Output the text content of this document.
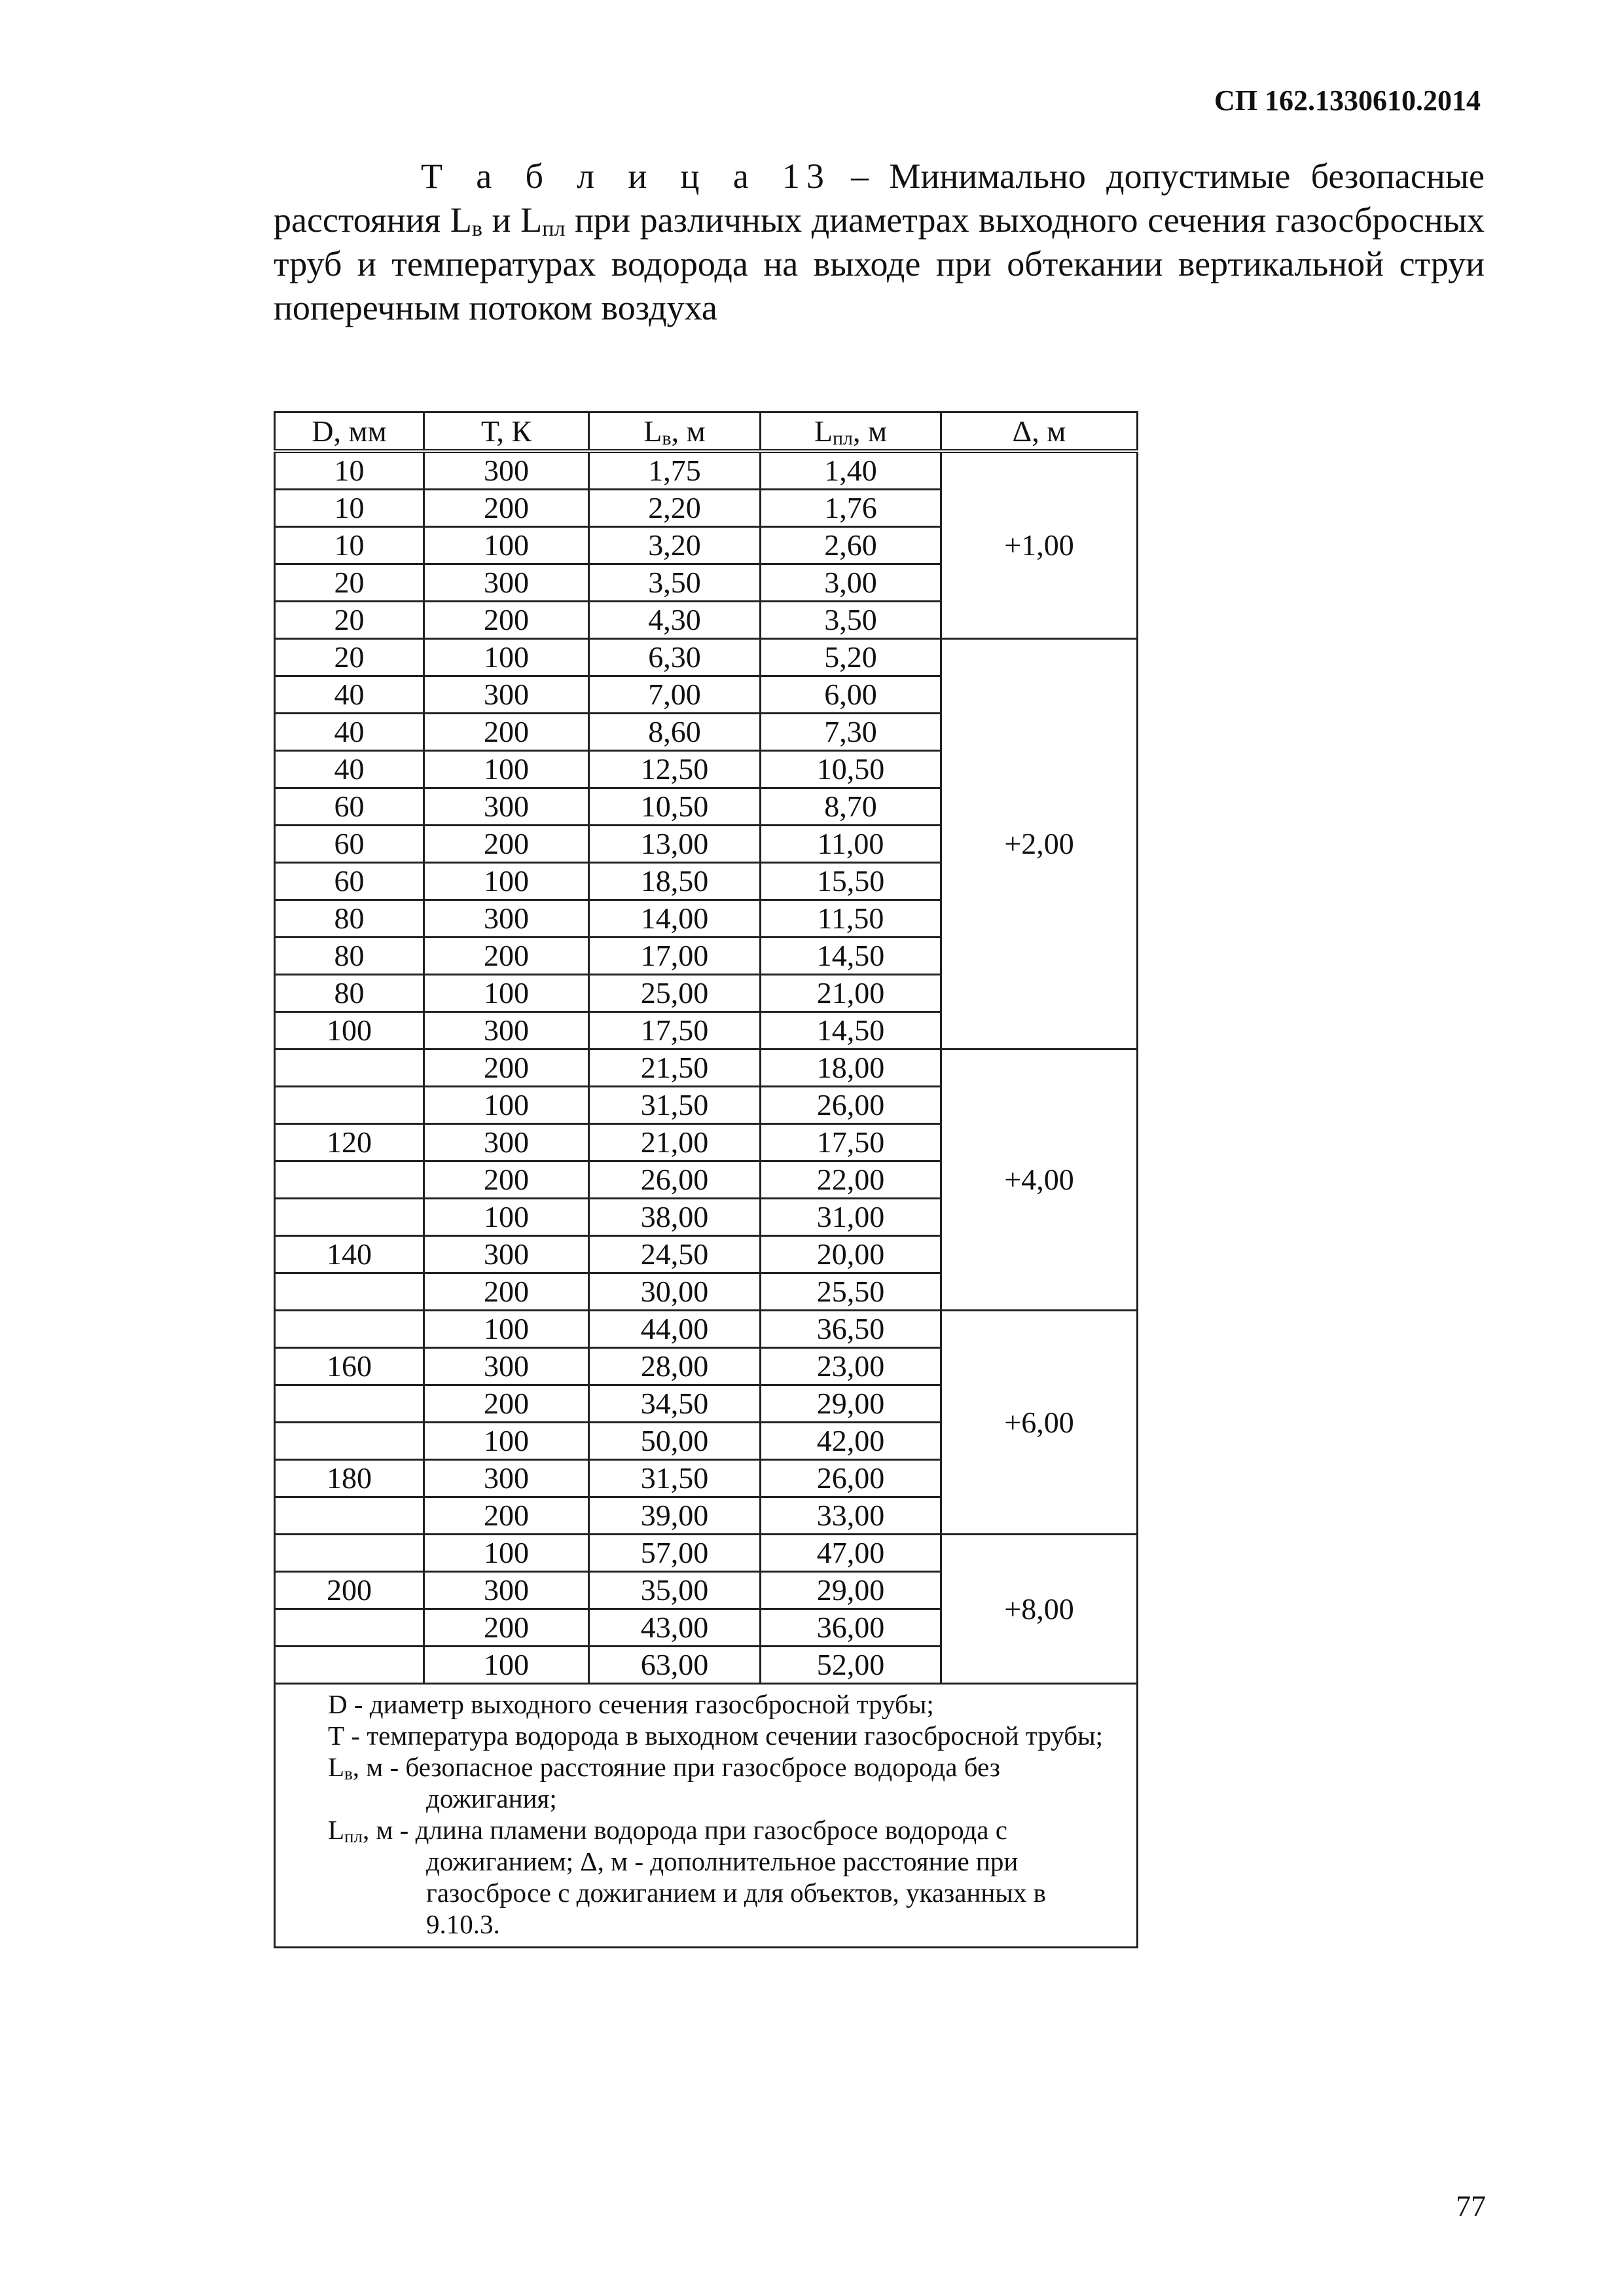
СП 162.1330610.2014
Т а б л и ц а 13 – Минимально допустимые безопасные расстояния $L_в$ и $L_{пл}$ при различных диаметрах выходного сечения газосбросных труб и температурах водорода на выходе при обтекании вертикальной струи поперечным потоком воздуха
D, мм	Т, К	$L_в$, м	$L_{пл}$, м	Δ, м
10	300	1,75	1,40	+1,00
10	200	2,20	1,76	
10	100	3,20	2,60	
20	300	3,50	3,00	
20	200	4,30	3,50	
20	100	6,30	5,20	+2,00
40	300	7,00	6,00	
40	200	8,60	7,30	
40	100	12,50	10,50	
60	300	10,50	8,70	
60	200	13,00	11,00	
60	100	18,50	15,50	
80	300	14,00	11,50	
80	200	17,00	14,50	
80	100	25,00	21,00	
100	300	17,50	14,50	
	200	21,50	18,00	+4,00
	100	31,50	26,00	
120	300	21,00	17,50	
	200	26,00	22,00	
	100	38,00	31,00	
140	300	24,50	20,00	
	200	30,00	25,50	
	100	44,00	36,50	+6,00
160	300	28,00	23,00	
	200	34,50	29,00	
	100	50,00	42,00	
180	300	31,50	26,00	
	200	39,00	33,00	
	100	57,00	47,00	+8,00
200	300	35,00	29,00	
	200	43,00	36,00	
	100	63,00	52,00	

D - диаметр выходного сечения газосбросной трубы;

Т - температура водорода в выходном сечении газосбросной трубы;

$L_в$, м - безопасное расстояние при газосбросе водорода без дожигания;

$L_{пл}$, м - длина пламени водорода при газосбросе водорода с дожиганием; Δ, м - дополнительное расстояние при газосбросе с дожиганием и для объектов, указанных в 9.10.3.				

77
